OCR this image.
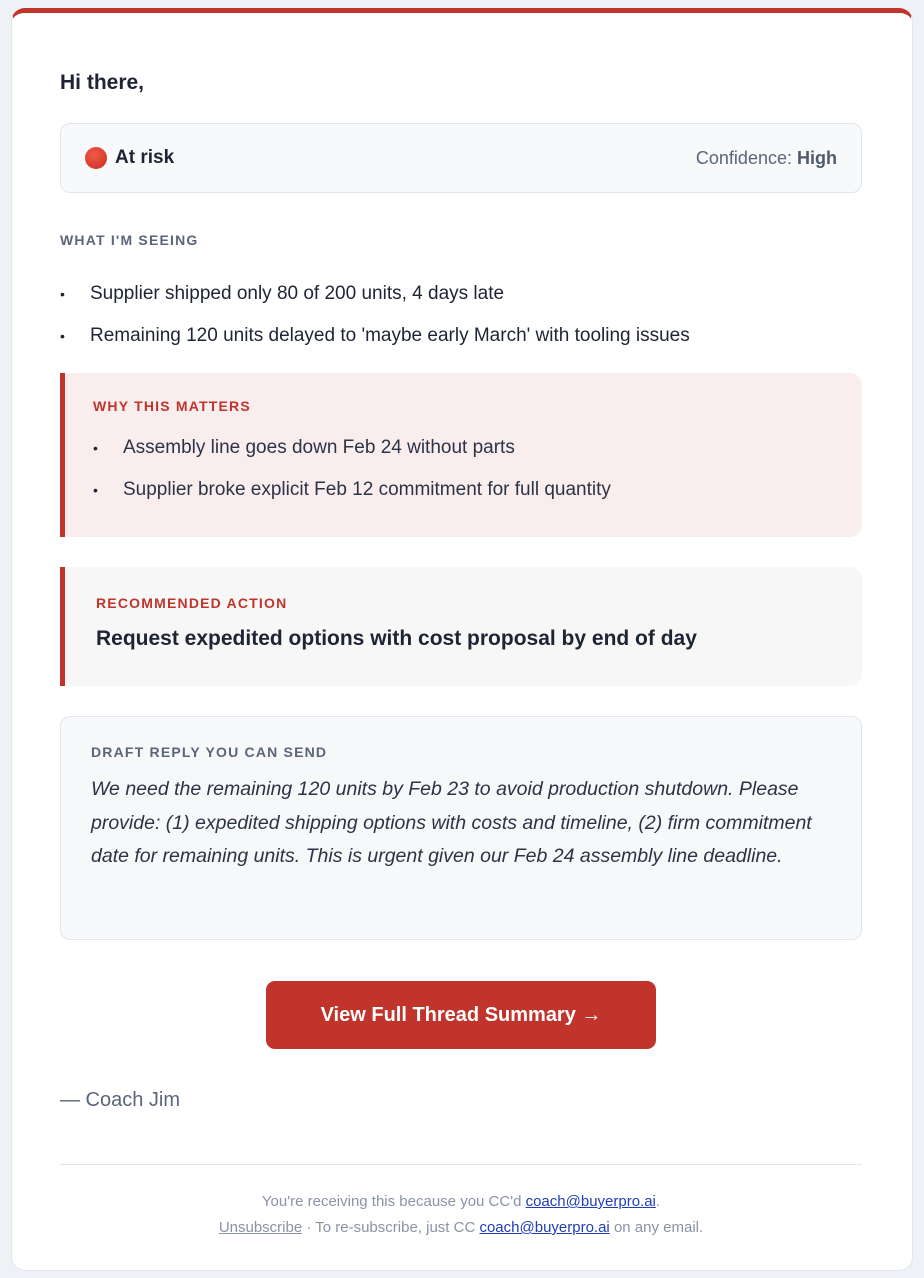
Hi there,
At risk	Confidence: High
WHAT I'M SEEING
• Supplier shipped only 80 of 200 units, 4 days late
• Remaining 120 units delayed to 'maybe early March' with tooling issues
WHY THIS MATTERS
• Assembly line goes down Feb 24 without parts
• Supplier broke explicit Feb 12 commitment for full quantity
RECOMMENDED ACTION
Request expedited options with cost proposal by end of day
DRAFT REPLY YOU CAN SEND
We need the remaining 120 units by Feb 23 to avoid production shutdown. Please provide: (1) expedited shipping options with costs and timeline, (2) firm commitment date for remaining units. This is urgent given our Feb 24 assembly line deadline.
View Full Thread Summary →
— Coach Jim
You're receiving this because you CC'd coach@buyerpro.ai.
Unsubscribe · To re-subscribe, just CC coach@buyerpro.ai on any email.
